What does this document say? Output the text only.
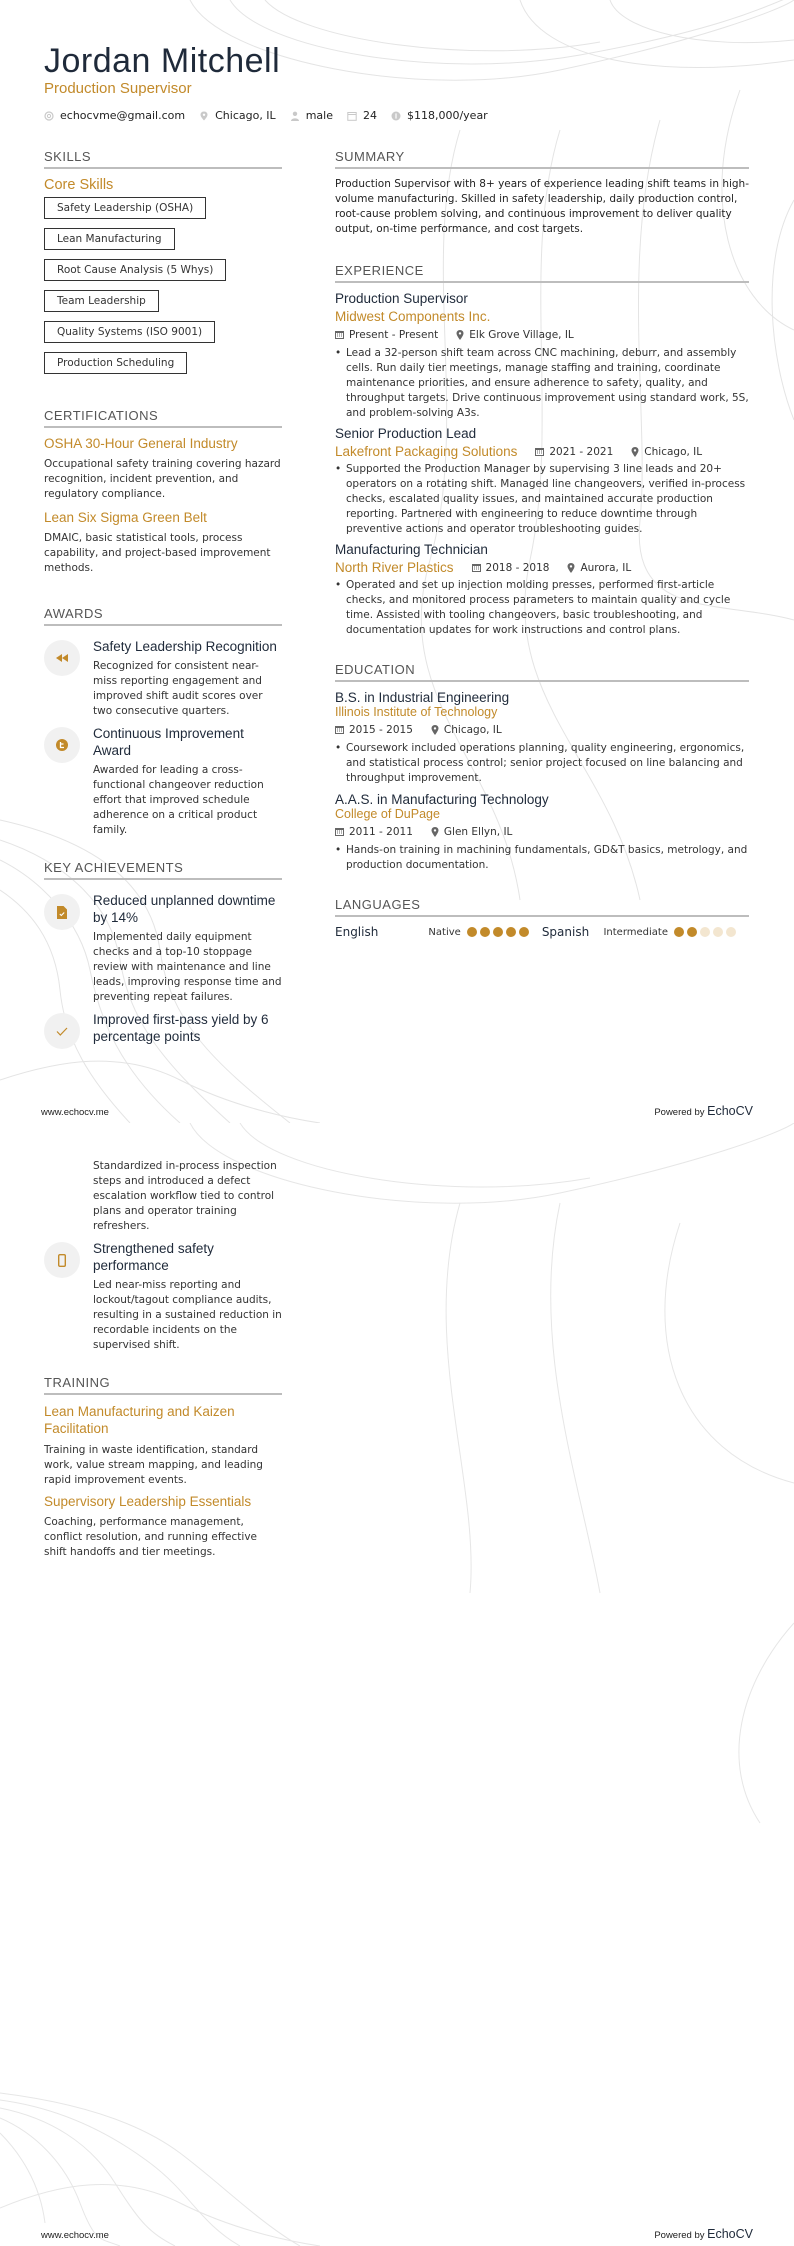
Jordan Mitchell
Production Supervisor
echocvme@gmail.com	Chicago, IL	male	24	$118,000/year
SKILLS
Core Skills
Safety Leadership (OSHA)
Lean Manufacturing
Root Cause Analysis (5 Whys)
Team Leadership
Quality Systems (ISO 9001)
Production Scheduling
CERTIFICATIONS
OSHA 30-Hour General Industry
Occupational safety training covering hazard recognition, incident prevention, and regulatory compliance.
Lean Six Sigma Green Belt
DMAIC, basic statistical tools, process capability, and project-based improvement methods.
AWARDS
Safety Leadership Recognition
Recognized for consistent near-miss reporting engagement and improved shift audit scores over two consecutive quarters.
Continuous Improvement Award
Awarded for leading a cross-functional changeover reduction effort that improved schedule adherence on a critical product family.
KEY ACHIEVEMENTS
Reduced unplanned downtime by 14%
Implemented daily equipment checks and a top-10 stoppage review with maintenance and line leads, improving response time and preventing repeat failures.
Improved first-pass yield by 6 percentage points
SUMMARY
Production Supervisor with 8+ years of experience leading shift teams in high-volume manufacturing. Skilled in safety leadership, daily production control, root-cause problem solving, and continuous improvement to deliver quality output, on-time performance, and cost targets.
EXPERIENCE
Production Supervisor
Midwest Components Inc.
Present - Present	Elk Grove Village, IL
• Lead a 32-person shift team across CNC machining, deburr, and assembly cells. Run daily tier meetings, manage staffing and training, coordinate maintenance priorities, and ensure adherence to safety, quality, and throughput targets. Drive continuous improvement using standard work, 5S, and problem-solving A3s.
Senior Production Lead
Lakefront Packaging Solutions	2021 - 2021	Chicago, IL
• Supported the Production Manager by supervising 3 line leads and 20+ operators on a rotating shift. Managed line changeovers, verified in-process checks, escalated quality issues, and maintained accurate production reporting. Partnered with engineering to reduce downtime through preventive actions and operator troubleshooting guides.
Manufacturing Technician
North River Plastics	2018 - 2018	Aurora, IL
• Operated and set up injection molding presses, performed first-article checks, and monitored process parameters to maintain quality and cycle time. Assisted with tooling changeovers, basic troubleshooting, and documentation updates for work instructions and control plans.
EDUCATION
B.S. in Industrial Engineering
Illinois Institute of Technology
2015 - 2015	Chicago, IL
• Coursework included operations planning, quality engineering, ergonomics, and statistical process control; senior project focused on line balancing and throughput improvement.
A.A.S. in Manufacturing Technology
College of DuPage
2011 - 2011	Glen Ellyn, IL
• Hands-on training in machining fundamentals, GD&T basics, metrology, and production documentation.
LANGUAGES
English	Native	Spanish	Intermediate
www.echocv.me	Powered by EchoCV
Standardized in-process inspection steps and introduced a defect escalation workflow tied to control plans and operator training refreshers.
Strengthened safety performance
Led near-miss reporting and lockout/tagout compliance audits, resulting in a sustained reduction in recordable incidents on the supervised shift.
TRAINING
Lean Manufacturing and Kaizen Facilitation
Training in waste identification, standard work, value stream mapping, and leading rapid improvement events.
Supervisory Leadership Essentials
Coaching, performance management, conflict resolution, and running effective shift handoffs and tier meetings.
www.echocv.me	Powered by EchoCV
